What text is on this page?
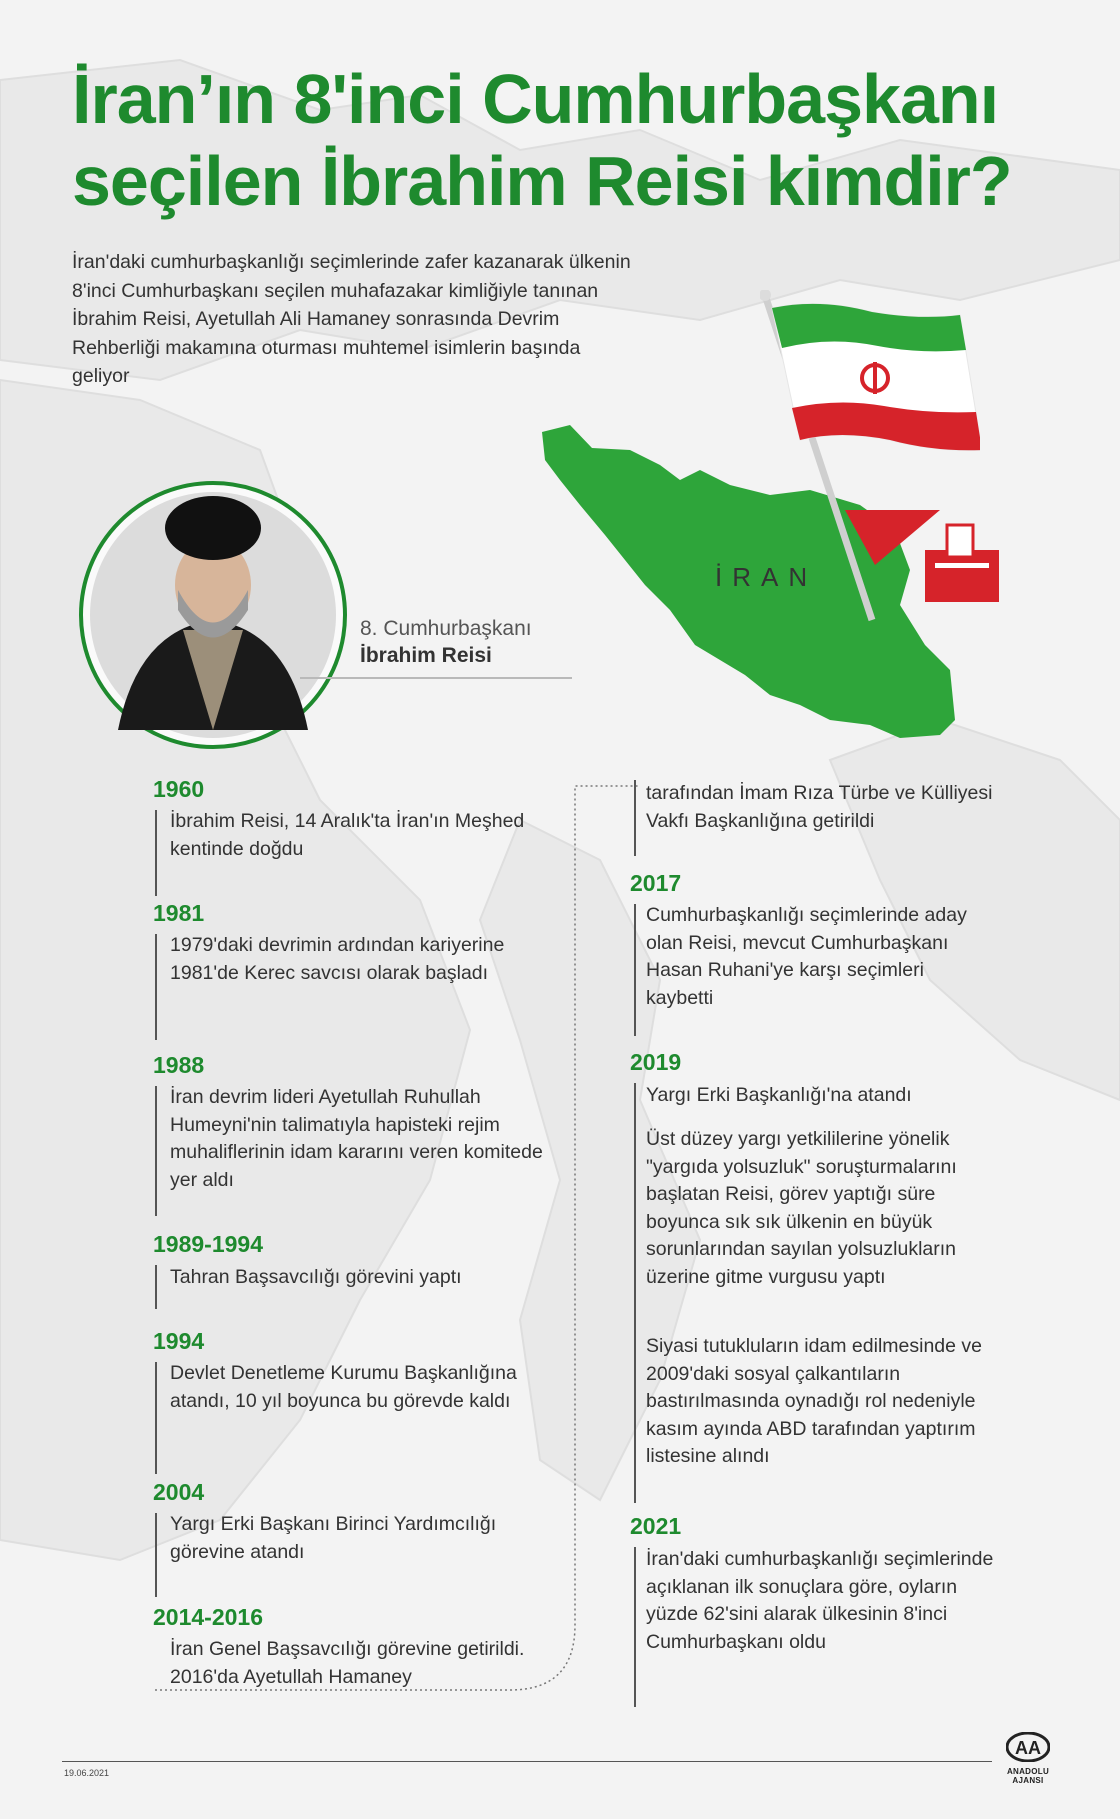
İran’ın 8'inci Cumhurbaşkanı
seçilen İbrahim Reisi kimdir?

İran'daki cumhurbaşkanlığı seçimlerinde zafer kazanarak ülkenin 8'inci Cumhurbaşkanı seçilen muhafazakar kimliğiyle tanınan İbrahim Reisi, Ayetullah Ali Hamaney sonrasında Devrim Rehberliği makamına oturması muhtemel isimlerin başında geliyor

İRAN
8. Cumhurbaşkanı
İbrahim Reisi
1960

İbrahim Reisi, 14 Aralık'ta İran'ın Meşhed kentinde doğdu

1981

1979'daki devrimin ardından kariyerine 1981'de Kerec savcısı olarak başladı

1988

İran devrim lideri Ayetullah Ruhullah Humeyni'nin talimatıyla hapisteki rejim muhaliflerinin idam kararını veren komitede yer aldı

1989-1994

Tahran Başsavcılığı görevini yaptı

1994

Devlet Denetleme Kurumu Başkanlığına atandı, 10 yıl boyunca bu görevde kaldı

2004

Yargı Erki Başkanı Birinci Yardımcılığı görevine atandı

2014-2016

İran Genel Başsavcılığı görevine getirildi. 2016'da Ayetullah Hamaney

tarafından İmam Rıza Türbe ve Külliyesi Vakfı Başkanlığına getirildi

2017

Cumhurbaşkanlığı seçimlerinde aday olan Reisi, mevcut Cumhurbaşkanı Hasan Ruhani'ye karşı seçimleri kaybetti

2019

Yargı Erki Başkanlığı'na atandı

Üst düzey yargı yetkililerine yönelik "yargıda yolsuzluk" soruşturmalarını başlatan Reisi, görev yaptığı süre boyunca sık sık ülkenin en büyük sorunlarından sayılan yolsuzlukların üzerine gitme vurgusu yaptı

Siyasi tutukluların idam edilmesinde ve 2009'daki sosyal çalkantıların bastırılmasında oynadığı rol nedeniyle kasım ayında ABD tarafından yaptırım listesine alındı

2021

İran'daki cumhurbaşkanlığı seçimlerinde açıklanan ilk sonuçlara göre, oyların yüzde 62'sini alarak ülkesinin 8'inci Cumhurbaşkanı oldu

19.06.2021
AA
ANADOLU AJANSI
